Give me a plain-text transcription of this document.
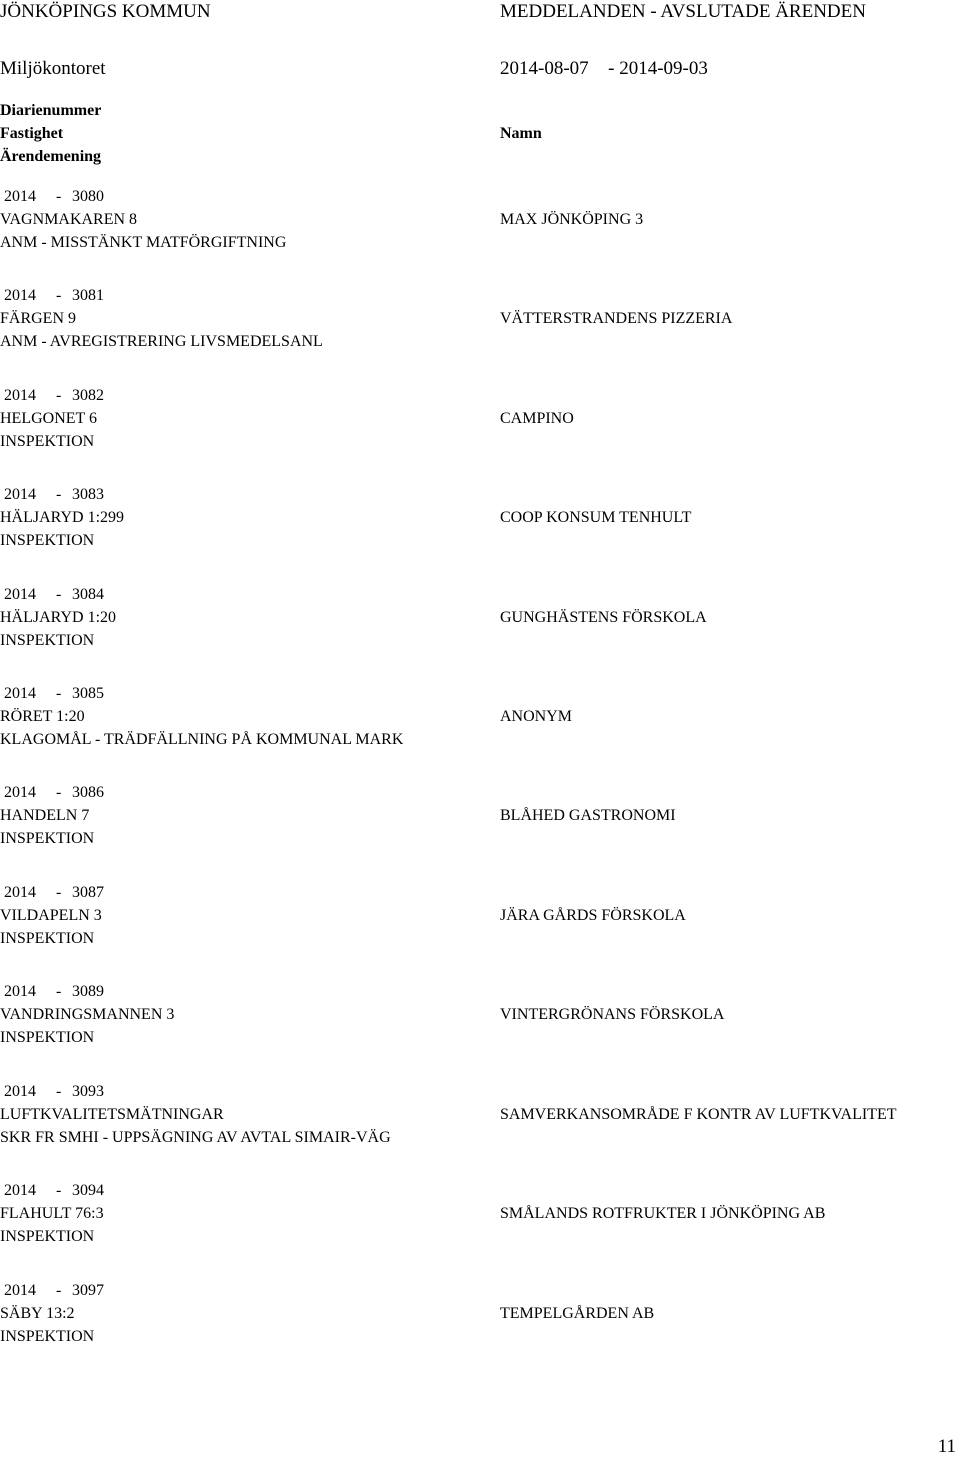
JÖNKÖPINGS KOMMUN	MEDDELANDEN - AVSLUTADE ÄRENDEN
Miljökontoret	2014-08-07 - 2014-09-03
Diarienummer
Fastighet	Namn
Ärendemening
2014 - 3080
VAGNMAKAREN 8
ANM - MISSTÄNKT MATFÖRGIFTNING
MAX JÖNKÖPING 3
2014 - 3081
FÄRGEN 9
ANM - AVREGISTRERING LIVSMEDELSANL
VÄTTERSTRANDENS PIZZERIA
2014 - 3082
HELGONET 6
INSPEKTION
CAMPINO
2014 - 3083
HÄLJARYD 1:299
INSPEKTION
COOP KONSUM TENHULT
2014 - 3084
HÄLJARYD 1:20
INSPEKTION
GUNGHÄSTENS FÖRSKOLA
2014 - 3085
RÖRET 1:20
KLAGOMÅL - TRÄDFÄLLNING PÅ KOMMUNAL MARK
ANONYM
2014 - 3086
HANDELN 7
INSPEKTION
BLÅHED GASTRONOMI
2014 - 3087
VILDAPELN 3
INSPEKTION
JÄRA GÅRDS FÖRSKOLA
2014 - 3089
VANDRINGSMANNEN 3
INSPEKTION
VINTERGRÖNANS FÖRSKOLA
2014 - 3093
LUFTKVALITETSMÄTNINGAR
SKR FR SMHI - UPPSÄGNING AV AVTAL SIMAIR-VÄG
SAMVERKANSOMRÅDE F KONTR AV LUFTKVALITET
2014 - 3094
FLAHULT 76:3
INSPEKTION
SMÅLANDS ROTFRUKTER I JÖNKÖPING AB
2014 - 3097
SÄBY 13:2
INSPEKTION
TEMPELGÅRDEN AB
11
